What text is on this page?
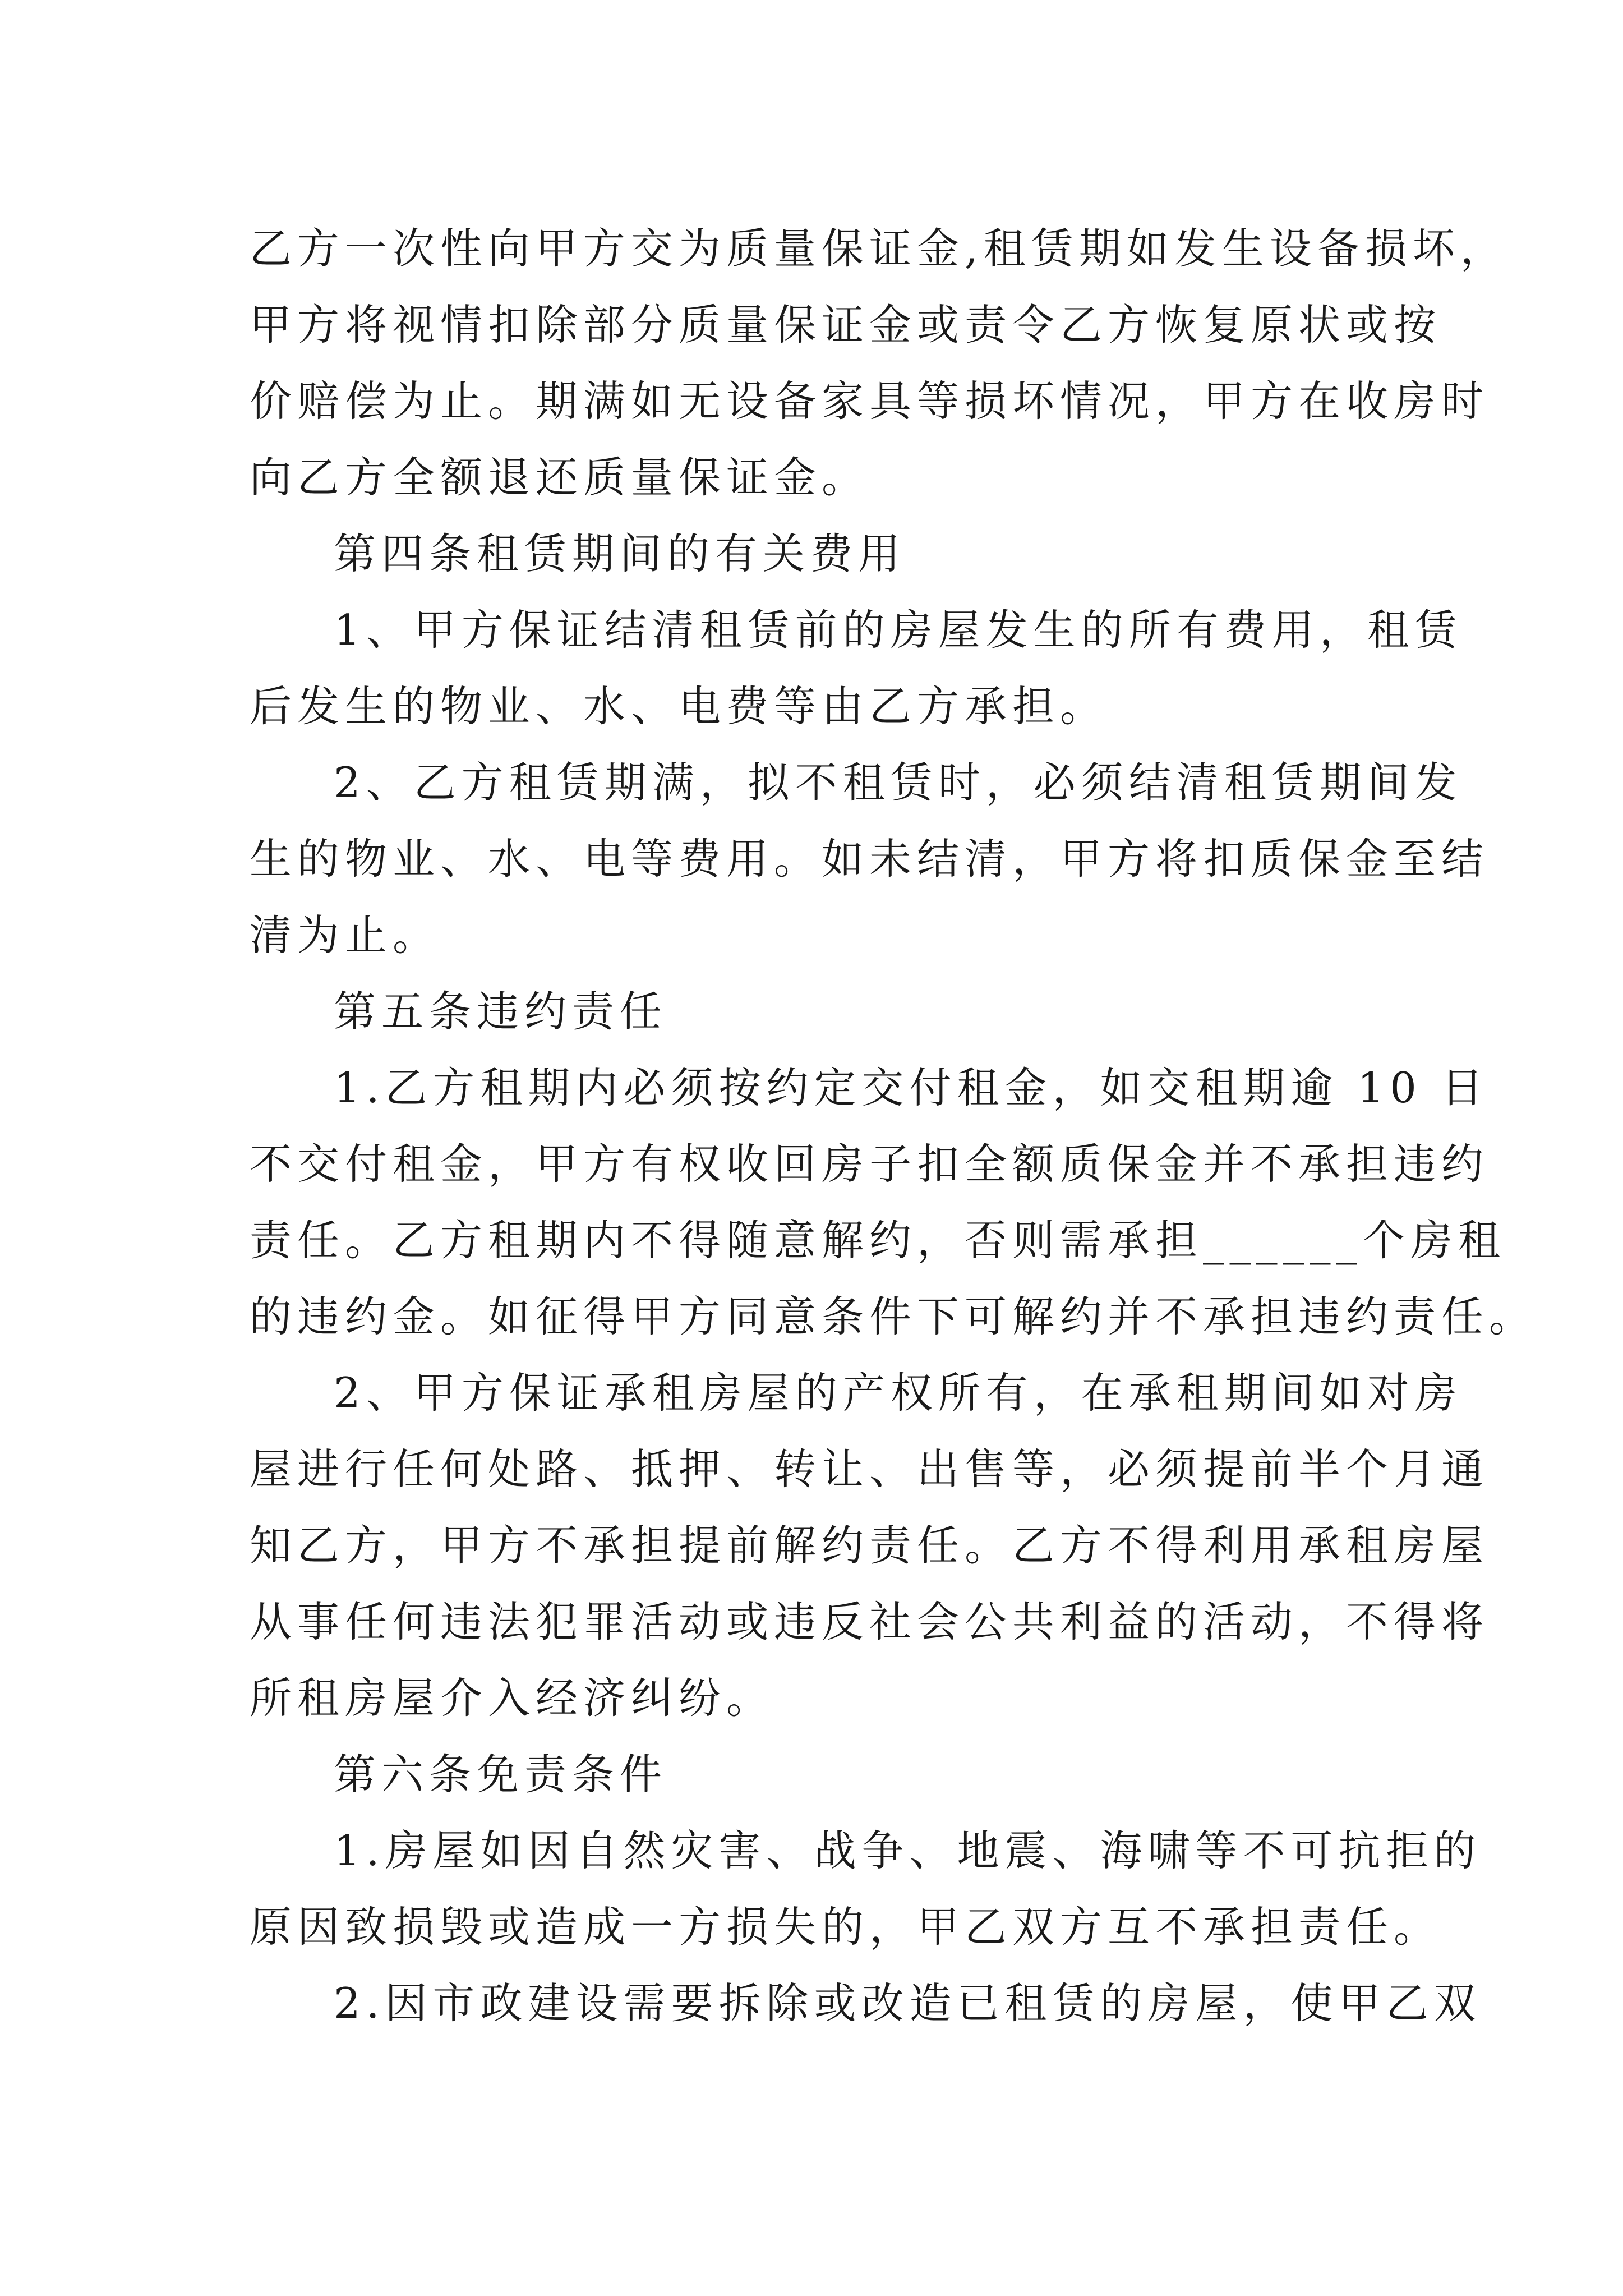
乙方一次性向甲方交为质量保证金,租赁期如发生设备损坏，
甲方将视情扣除部分质量保证金或责令乙方恢复原状或按
价赔偿为止。期满如无设备家具等损坏情况，甲方在收房时
向乙方全额退还质量保证金。
第四条租赁期间的有关费用
1、甲方保证结清租赁前的房屋发生的所有费用，租赁
后发生的物业、水、电费等由乙方承担。
2、乙方租赁期满，拟不租赁时，必须结清租赁期间发
生的物业、水、电等费用。如未结清，甲方将扣质保金至结
清为止。
第五条违约责任
1.乙方租期内必须按约定交付租金，如交租期逾 10 日
不交付租金，甲方有权收回房子扣全额质保金并不承担违约
责任。乙方租期内不得随意解约，否则需承担______个房租
的违约金。如征得甲方同意条件下可解约并不承担违约责任。
2、甲方保证承租房屋的产权所有，在承租期间如对房
屋进行任何处路、抵押、转让、出售等，必须提前半个月通
知乙方，甲方不承担提前解约责任。乙方不得利用承租房屋
从事任何违法犯罪活动或违反社会公共利益的活动，不得将
所租房屋介入经济纠纷。
第六条免责条件
1.房屋如因自然灾害、战争、地震、海啸等不可抗拒的
原因致损毁或造成一方损失的，甲乙双方互不承担责任。
2.因市政建设需要拆除或改造已租赁的房屋，使甲乙双
